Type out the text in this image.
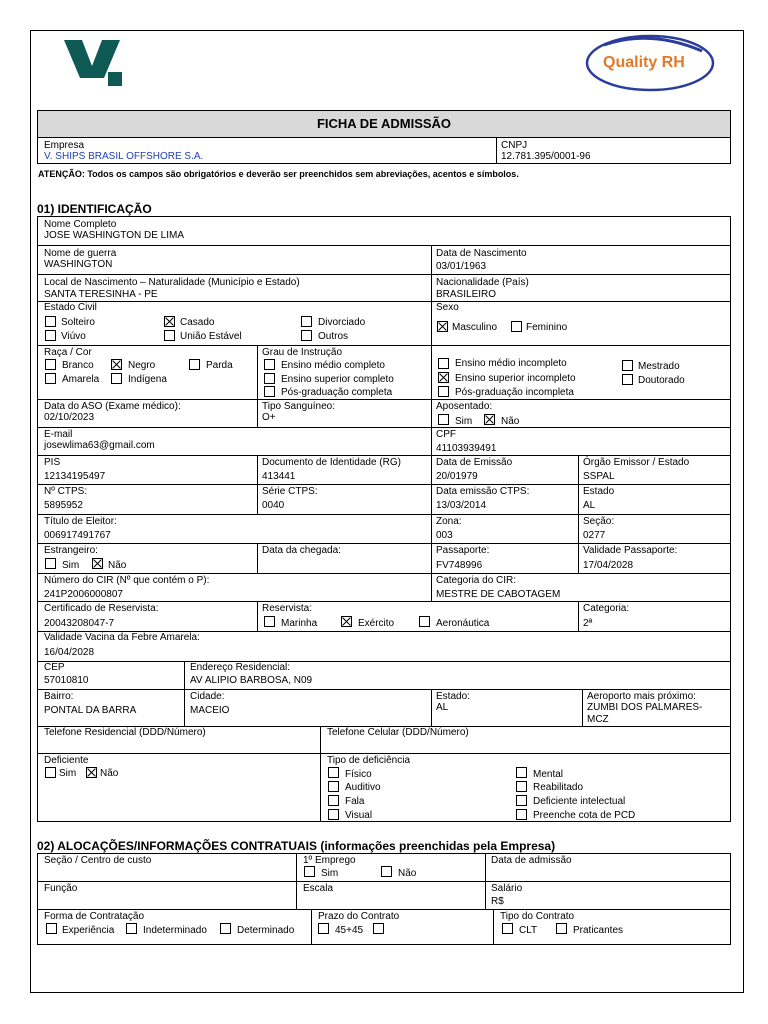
Quality RH
FICHA DE ADMISSÃO
Empresa
V. SHIPS BRASIL OFFSHORE S.A.
CNPJ
12.781.395/0001-96
ATENÇÃO: Todos os campos são obrigatórios e deverão ser preenchidos sem abreviações, acentos e símbolos.
01) IDENTIFICAÇÃO
Nome Completo
JOSE WASHINGTON DE LIMA
Nome de guerra
WASHINGTON
Data de Nascimento
03/01/1963
Local de Nascimento – Naturalidade (Município e Estado)
SANTA TERESINHA - PE
Nacionalidade (País)
BRASILEIRO
Estado Civil
Solteiro	Casado	Divorciado
Viúvo	União Estável	Outros
Sexo
Masculino	Feminino
Raça / Cor
Branco	Negro	Parda
Amarela	Indígena
Grau de Instrução
Ensino médio completo
Ensino superior completo
Pós-graduação completa
Ensino médio incompleto
Ensino superior incompleto
Pós-graduação incompleta
Mestrado
Doutorado
Data do ASO (Exame médico):
02/10/2023
Tipo Sanguíneo:
O+
Aposentado:
Sim	Não
E-mail
josewlima63@gmail.com
CPF
41103939491
PIS
12134195497
Documento de Identidade (RG)
413441
Data de Emissão
20/01979
Órgão Emissor / Estado
SSPAL
Nº CTPS:
5895952
Série CTPS:
0040
Data emissão CTPS:
13/03/2014
Estado
AL
Título de Eleitor:
006917491767
Zona:
003
Seção:
0277
Estrangeiro:
Sim	Não
Data da chegada:	Passaporte:
FV748996
Validade Passaporte:
17/04/2028
Número do CIR (Nº que contém o P):
241P2006000807
Categoria do CIR:
MESTRE DE CABOTAGEM
Certificado de Reservista:
20043208047-7
Reservista:
Marinha	Exército	Aeronáutica
Categoria:
2ª
Validade Vacina da Febre Amarela:
16/04/2028
CEP
57010810
Endereço Residencial:
AV ALIPIO BARBOSA, N09
Bairro:
PONTAL DA BARRA
Cidade:
MACEIO
Estado:
AL
Aeroporto mais próximo:
ZUMBI DOS PALMARES-
MCZ
Telefone Residencial (DDD/Número)	Telefone Celular (DDD/Número)
Deficiente
Sim Não
Tipo de deficiência
Físico
Auditivo
Fala
Visual
Mental
Reabilitado
Deficiente intelectual
Preenche cota de PCD
02) ALOCAÇÕES/INFORMAÇÕES CONTRATUAIS (informações preenchidas pela Empresa)
Seção / Centro de custo	1º Emprego
Sim	Não
Data de admissão
Função	Escala	Salário
R$
Forma de Contratação
Experiência	Indeterminado	Determinado
Prazo do Contrato
45+45
Tipo do Contrato
CLT	Praticantes
